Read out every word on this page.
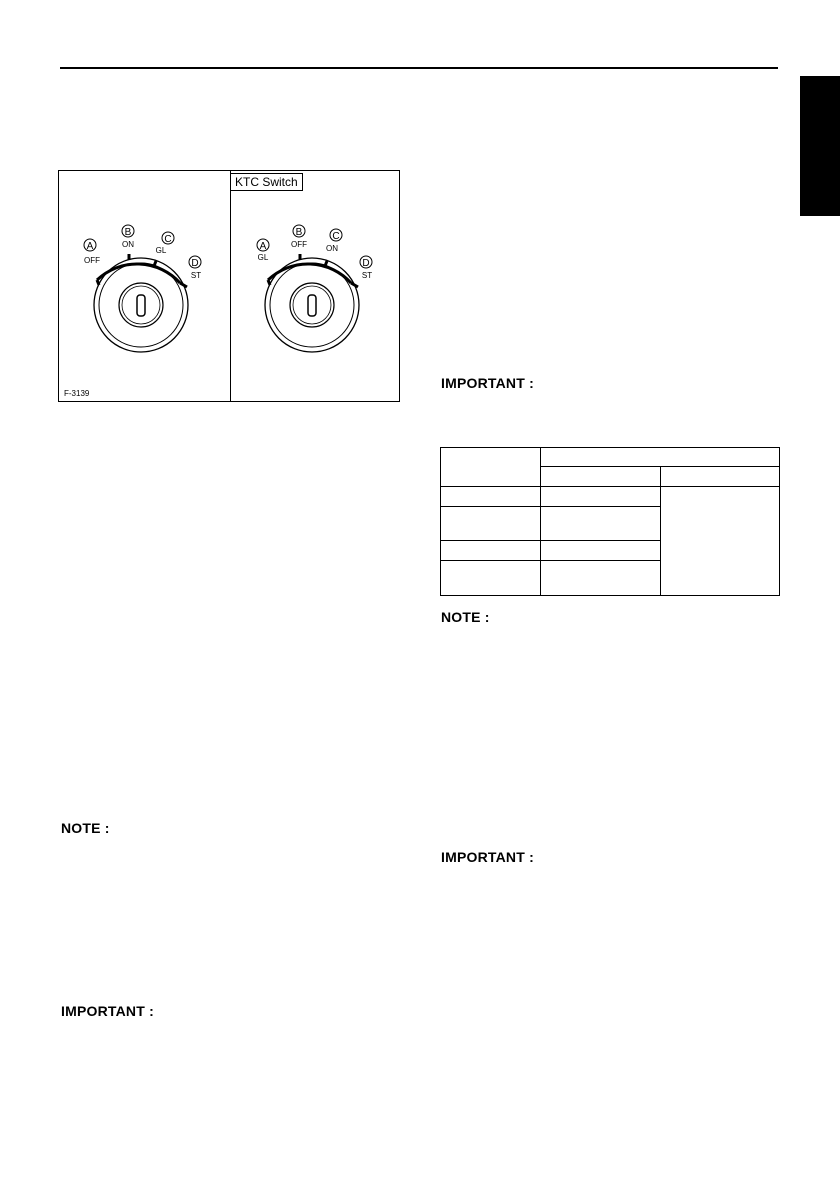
A
OFF
B
ON	C
GL
D
ST
A
GL
B
OFF
C
ON
D
ST
KTC Switch
F-3139
IMPORTANT :

NOTE :
NOTE :
IMPORTANT :
IMPORTANT :
